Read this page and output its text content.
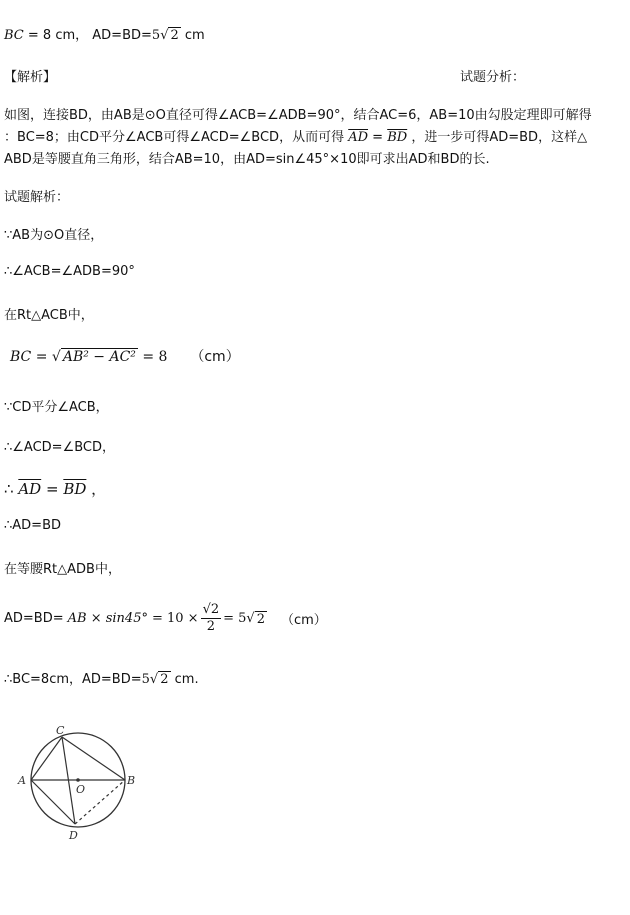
BC = 8 cm， AD=BD=5√ 2 cm
【解析】	试题分析：
如图，连接BD，由AB是⊙O直径可得∠ACB=∠ADB=90°，结合AC=6，AB=10由勾股定理即可解得
：BC=8；由CD平分∠ACB可得∠ACD=∠BCD，从而可得 $\overline{AD} = \overline{BD}$ ，进一步可得AD=BD，这样△
ABD是等腰直角三角形，结合AB=10，由AD=sin∠45°×10即可求出AD和BD的长.
试题解析：
∵AB为⊙O直径，
∴∠ACB=∠ADB=90°
在Rt△ACB中，
BC = √ AB² − AC² = 8 （cm）
∵CD平分∠ACB，
∴∠ACD=∠BCD，
∴ $\overline{AD} = \overline{BD}$ ，
∴AD=BD
在等腰Rt△ADB中，
AD=BD= AB × $\sin 45^\circ = 10 \times \frac{√2}{2} = 5$ √ 2 （cm）
∴BC=8cm，AD=BD=5√ 2 cm.
A	B
C
D
O
